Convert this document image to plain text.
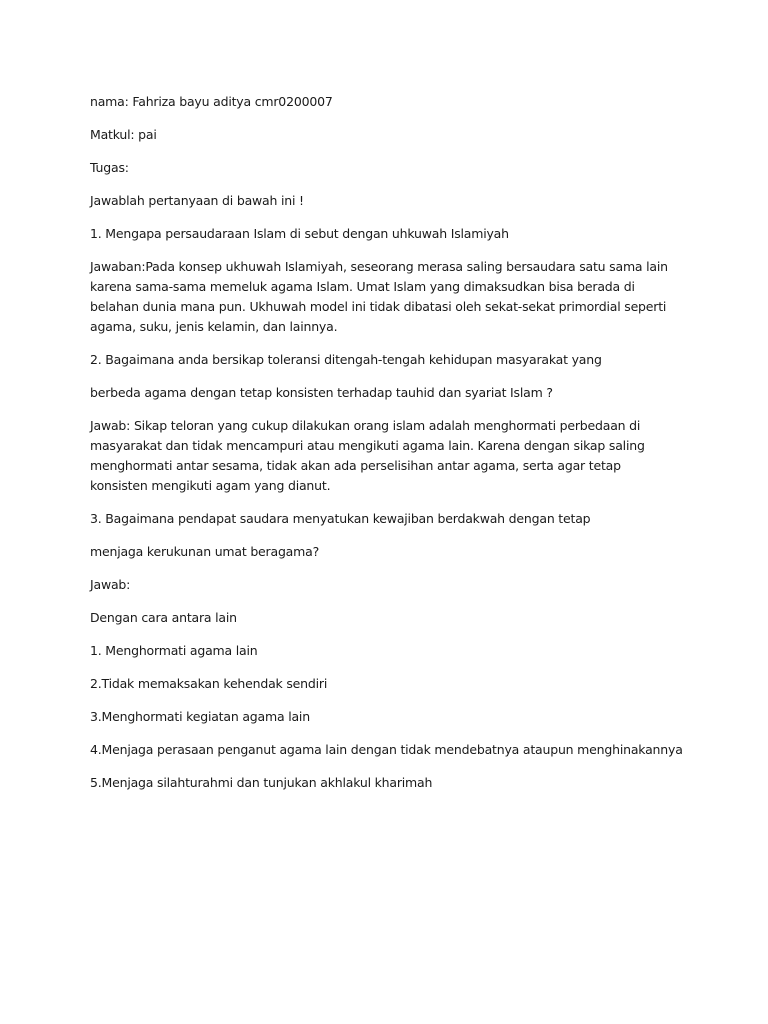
nama: Fahriza bayu aditya cmr0200007

Matkul: pai

Tugas:

Jawablah pertanyaan di bawah ini !

1. Mengapa persaudaraan Islam di sebut dengan uhkuwah Islamiyah

Jawaban:Pada konsep ukhuwah Islamiyah, seseorang merasa saling bersaudara satu sama lain karena sama-sama memeluk agama Islam. Umat Islam yang dimaksudkan bisa berada di belahan dunia mana pun. Ukhuwah model ini tidak dibatasi oleh sekat-sekat primordial seperti agama, suku, jenis kelamin, dan lainnya.

2. Bagaimana anda bersikap toleransi ditengah-tengah kehidupan masyarakat yang

berbeda agama dengan tetap konsisten terhadap tauhid dan syariat Islam ?

Jawab: Sikap teloran yang cukup dilakukan orang islam adalah menghormati perbedaan di masyarakat dan tidak mencampuri atau mengikuti agama lain. Karena dengan sikap saling menghormati antar sesama, tidak akan ada perselisihan antar agama, serta agar tetap konsisten mengikuti agam yang dianut.

3. Bagaimana pendapat saudara menyatukan kewajiban berdakwah dengan tetap

menjaga kerukunan umat beragama?

Jawab:

Dengan cara antara lain

1. Menghormati agama lain

2.Tidak memaksakan kehendak sendiri

3.Menghormati kegiatan agama lain

4.Menjaga perasaan penganut agama lain dengan tidak mendebatnya ataupun menghinakannya

5.Menjaga silahturahmi dan tunjukan akhlakul kharimah
